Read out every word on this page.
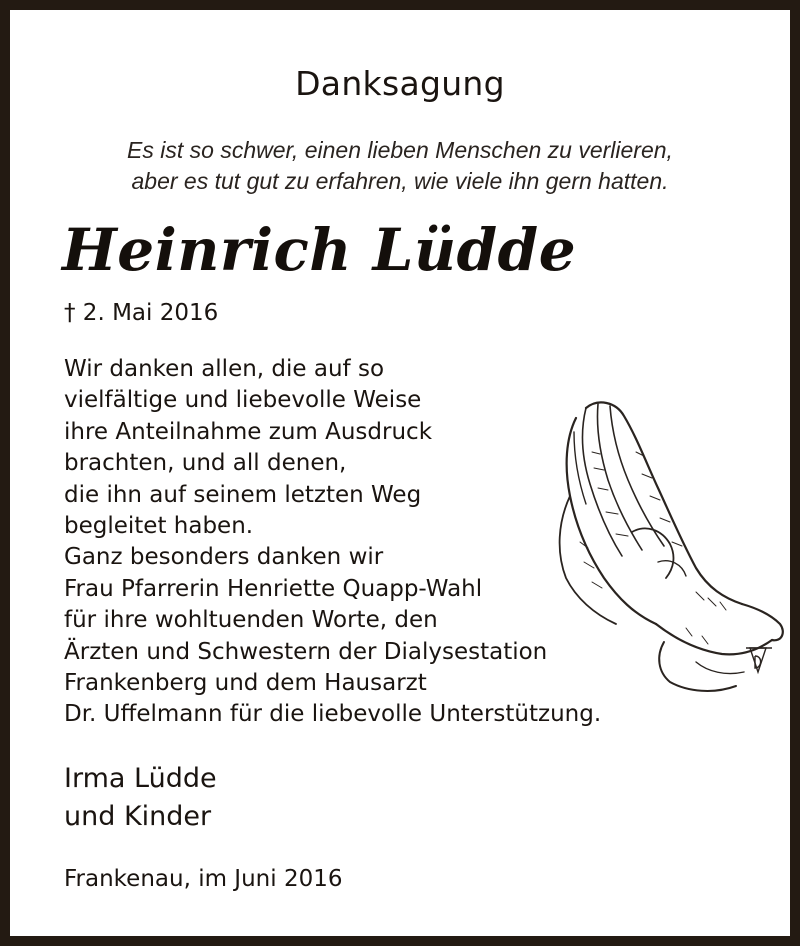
Danksagung
Es ist so schwer, einen lieben Menschen zu verlieren,
aber es tut gut zu erfahren, wie viele ihn gern hatten.
Heinrich Lüdde
† 2. Mai 2016
Wir danken allen, die auf so
vielfältige und liebevolle Weise
ihre Anteilnahme zum Ausdruck
brachten, und all denen,
die ihn auf seinem letzten Weg
begleitet haben.
Ganz besonders danken wir
Frau Pfarrerin Henriette Quapp-Wahl
für ihre wohltuenden Worte, den
Ärzten und Schwestern der Dialysestation
Frankenberg und dem Hausarzt
Dr. Uffelmann für die liebevolle Unterstützung.
Irma Lüdde
und Kinder
Frankenau, im Juni 2016
